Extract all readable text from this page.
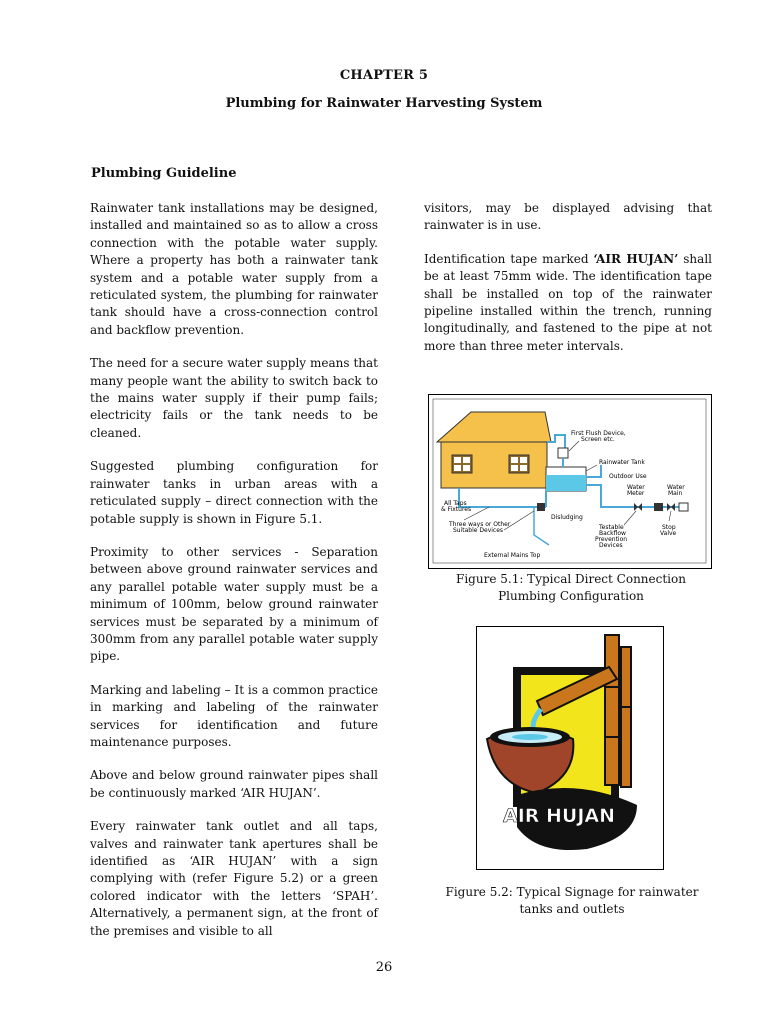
CHAPTER 5
Plumbing for Rainwater Harvesting System
Plumbing Guideline

Rainwater tank installations may be designed, installed and maintained so as to allow a cross connection with the potable water supply. Where a property has both a rainwater tank system and a potable water supply from a reticulated system, the plumbing for rainwater tank should have a cross-connection control and backflow prevention.

The need for a secure water supply means that many people want the ability to switch back to the mains water supply if their pump fails; electricity fails or the tank needs to be cleaned.

Suggested plumbing configuration for rainwater tanks in urban areas with a reticulated supply – direct connection with the potable supply is shown in Figure 5.1.

Proximity to other services - Separation between above ground rainwater services and any parallel potable water supply must be a minimum of 100mm, below ground rainwater services must be separated by a minimum of 300mm from any parallel potable water supply pipe.

Marking and labeling – It is a common practice in marking and labeling of the rainwater services for identification and future maintenance purposes.

Above and below ground rainwater pipes shall be continuously marked ‘AIR HUJAN’.

Every rainwater tank outlet and all taps, valves and rainwater tank apertures shall be identified as ‘AIR HUJAN’ with a sign complying with (refer Figure 5.2) or a green colored indicator with the letters ‘SPAH’. Alternatively, a permanent sign, at the front of the premises and visible to all

visitors, may be displayed advising that rainwater is in use.

Identification tape marked ‘AIR HUJAN’ shall be at least 75mm wide. The identification tape shall be installed on top of the rainwater pipeline installed within the trench, running longitudinally, and fastened to the pipe at not more than three meter intervals.

First Flush Device,
Screen etc.
Rainwater Tank
Outdoor Use
Water
Meter
Water
Main
All Taps
& Fixtures
Disludging
Three ways or Other
Suitable Devices	Testable
Backflow
Prevention
Devices
Stop
Valve
External Mains Top
Figure 5.1: Typical Direct Connection
Plumbing Configuration
AIR HUJAN
Figure 5.2: Typical Signage for rainwater
tanks and outlets
26
